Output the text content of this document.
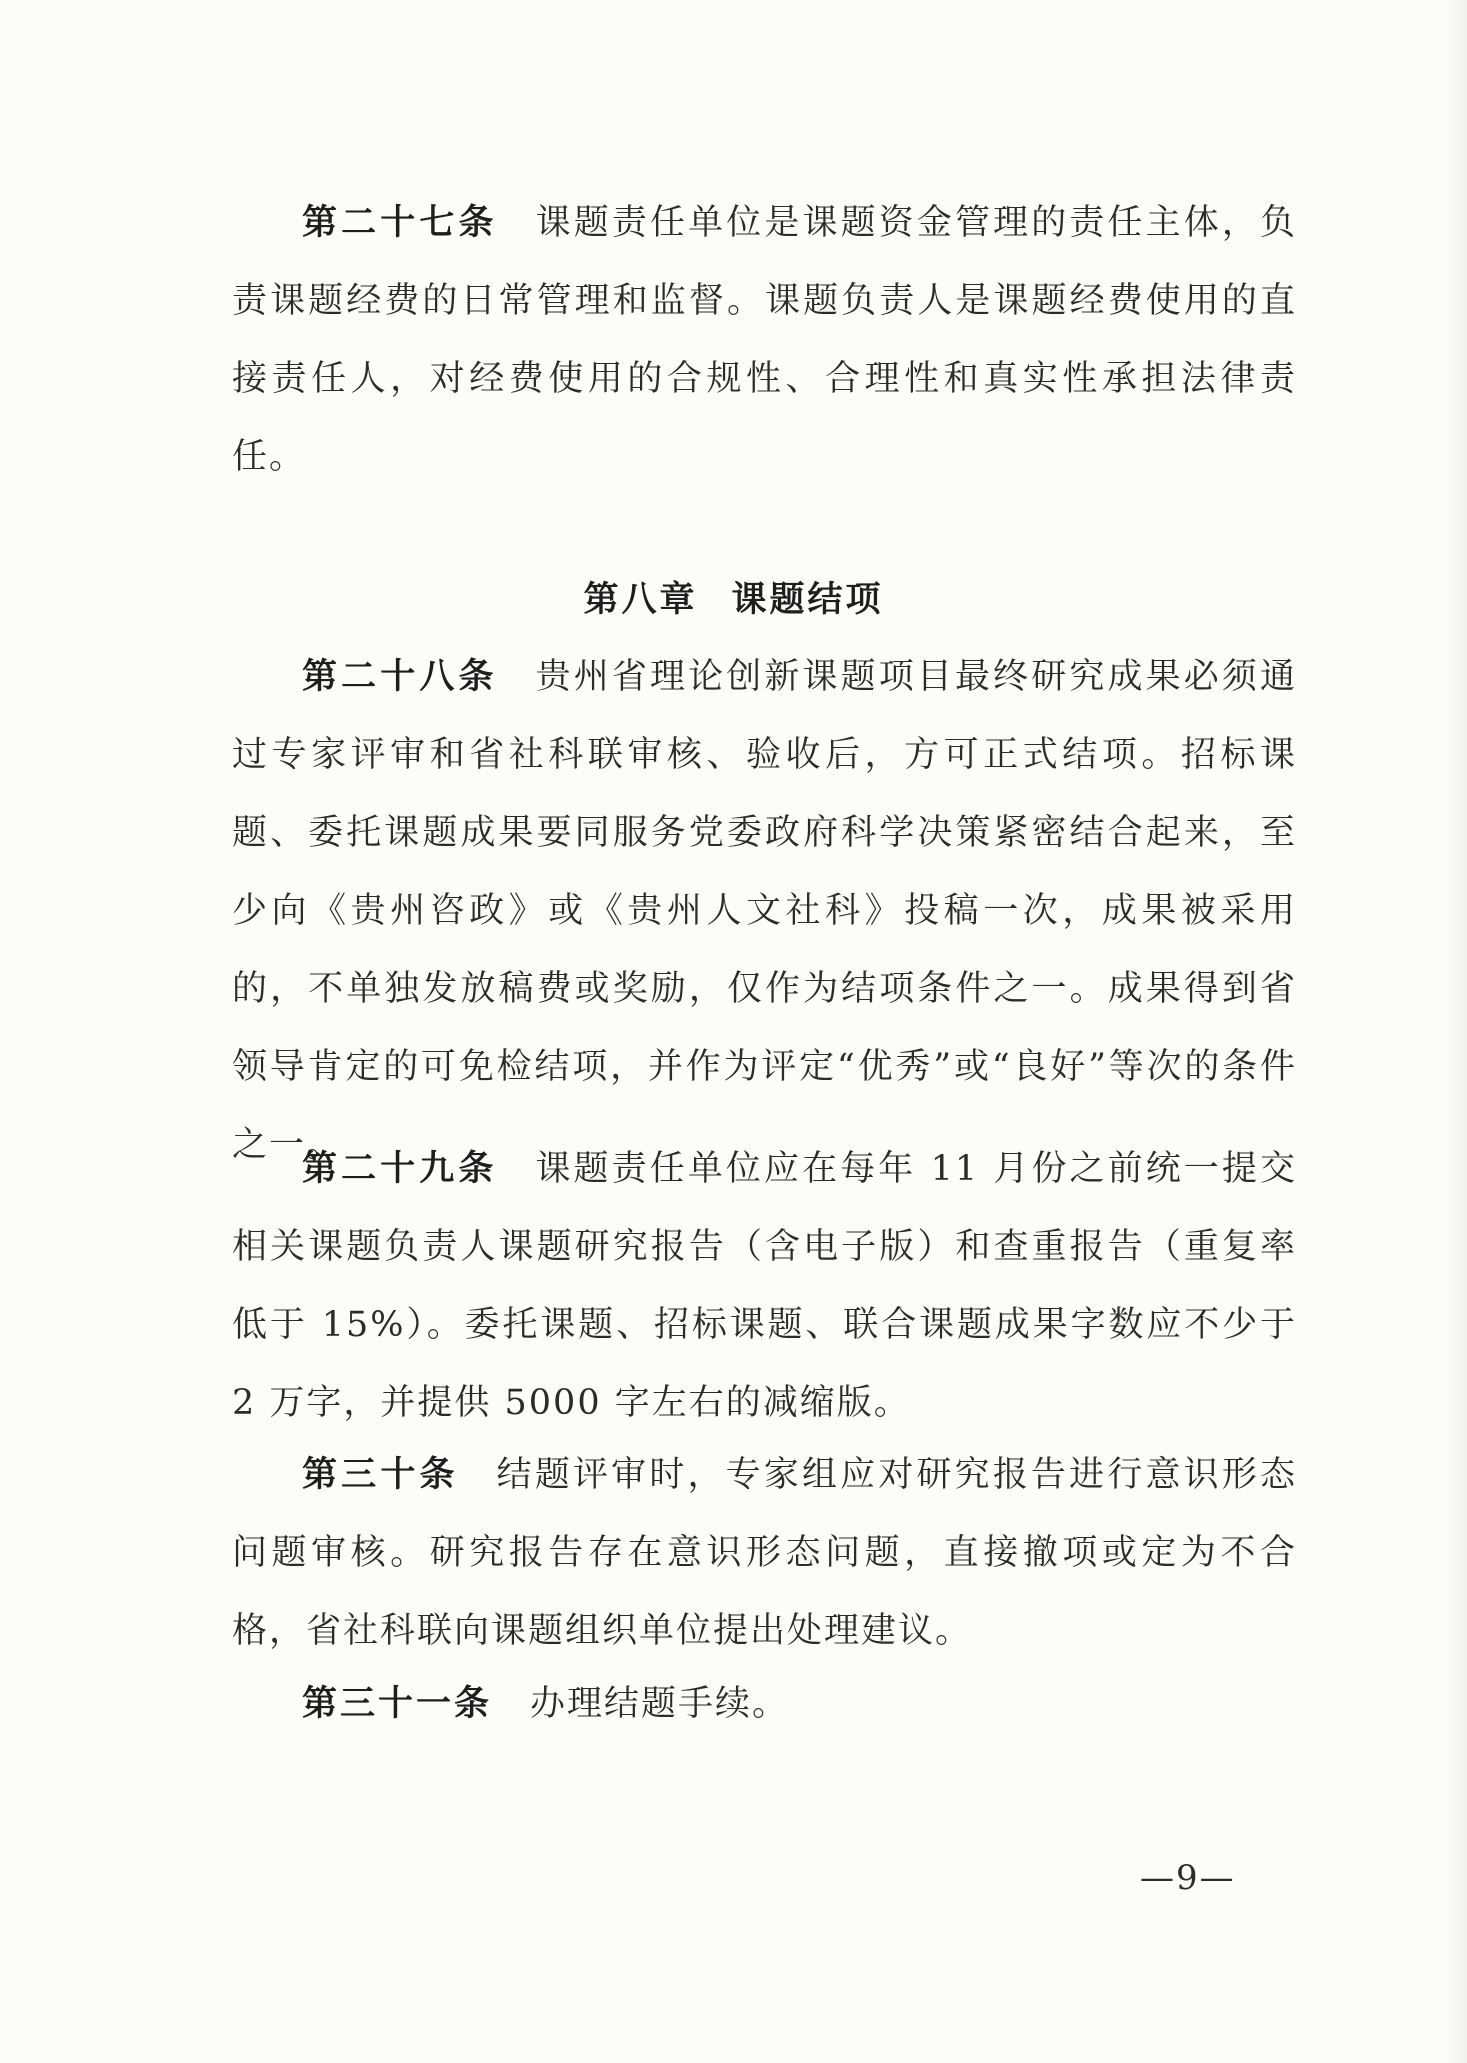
第二十七条 课题责任单位是课题资金管理的责任主体，负责课题经费的日常管理和监督。课题负责人是课题经费使用的直接责任人，对经费使用的合规性、合理性和真实性承担法律责任。

第八章 课题结项

第二十八条 贵州省理论创新课题项目最终研究成果必须通过专家评审和省社科联审核、验收后，方可正式结项。招标课题、委托课题成果要同服务党委政府科学决策紧密结合起来，至少向《贵州咨政》或《贵州人文社科》投稿一次，成果被采用的，不单独发放稿费或奖励，仅作为结项条件之一。成果得到省领导肯定的可免检结项，并作为评定“优秀”或“良好”等次的条件之一。

第二十九条 课题责任单位应在每年 11 月份之前统一提交相关课题负责人课题研究报告（含电子版）和查重报告（重复率低于 15%）。委托课题、招标课题、联合课题成果字数应不少于 2 万字，并提供 5000 字左右的减缩版。

第三十条 结题评审时，专家组应对研究报告进行意识形态问题审核。研究报告存在意识形态问题，直接撤项或定为不合格，省社科联向课题组织单位提出处理建议。

第三十一条 办理结题手续。

—9—
